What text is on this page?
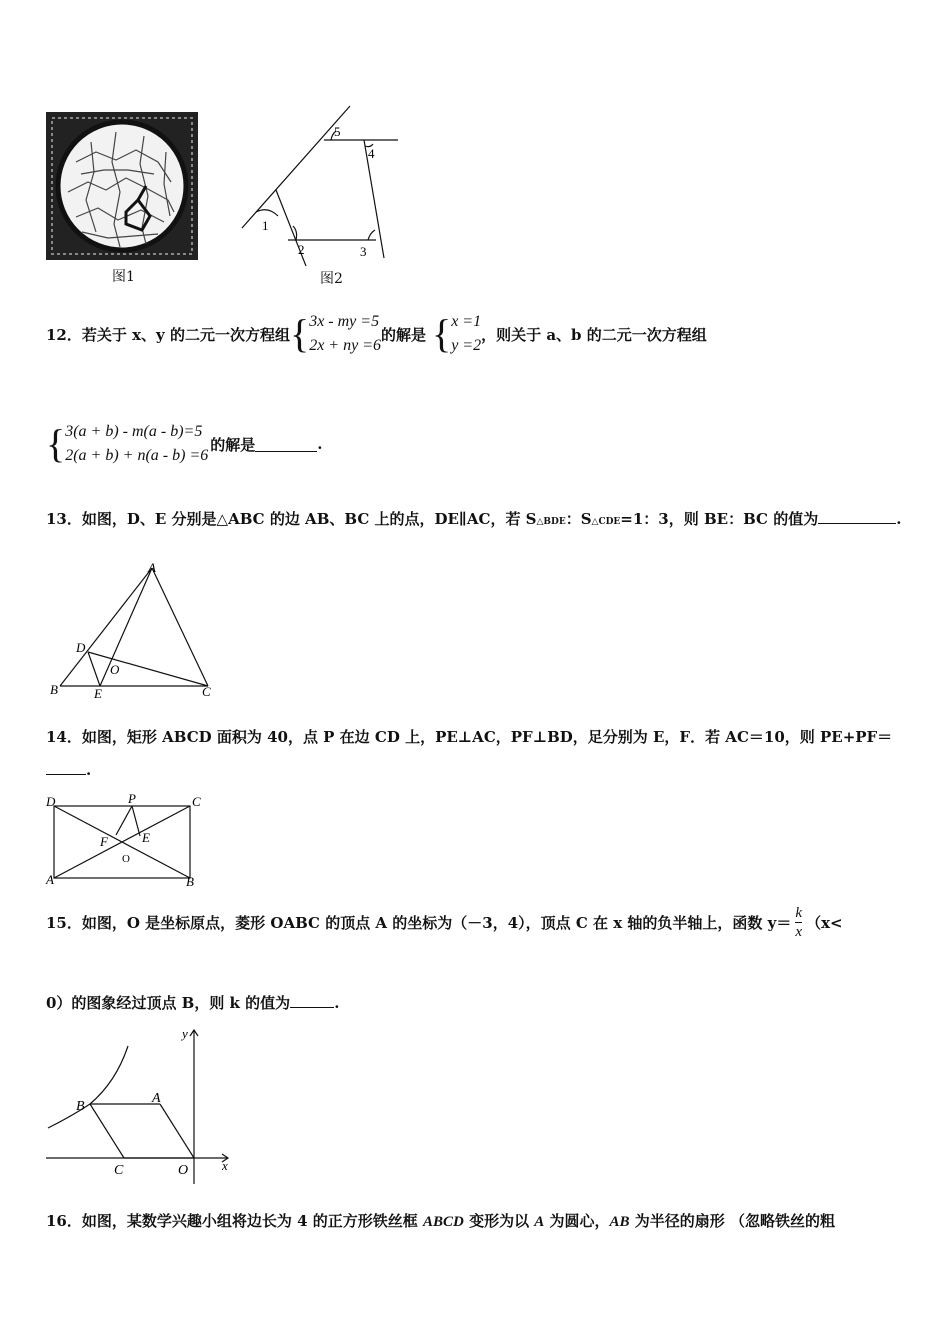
图1
1
2	3
4
5
图2
12．若关于 x、y 的二元一次方程组 { 3x - my =5
2x + ny =6
的解是 { x =1
y =2
，则关于 a、b 的二元一次方程组
{ 3(a + b) - m(a - b)=5
2(a + b) + n(a - b) =6
的解是	.
13．如图，D、E 分别是△ABC 的边 AB、BC 上的点，DE∥AC，若 S△BDE：S△CDE=1：3，则 BE：BC 的值为	.
A
B	C
D
E
O
14．如图，矩形 ABCD 面积为 40，点 P 在边 CD 上，PE⊥AC，PF⊥BD，足分别为 E，F．若 AC＝10，则 PE+PF＝
.
D	P	C
F	E
O
A	B
15．如图，O 是坐标原点，菱形 OABC 的顶点 A 的坐标为（－3，4），顶点 C 在 x 轴的负半轴上，函数 $y= \frac{k}{x} (x<$
0）的图象经过顶点 B，则 k 的值为	.
B
A
C	O	x
y
16．如图，某数学兴趣小组将边长为 4 的正方形铁丝框 ABCD 变形为以 A 为圆心，AB 为半径的扇形 （忽略铁丝的粗
